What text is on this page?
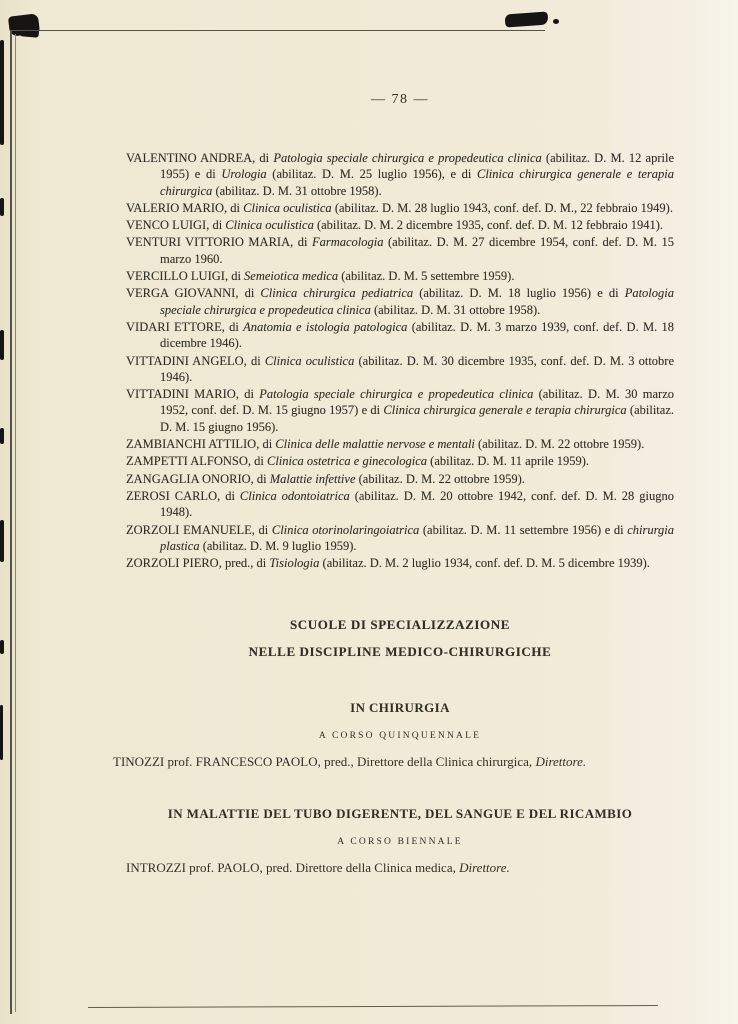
— 78 —

VALENTINO ANDREA, di Patologia speciale chirurgica e propedeutica clinica (abilitaz. D. M. 12 aprile 1955) e di Urologia (abilitaz. D. M. 25 luglio 1956), e di Clinica chirurgica generale e terapia chirurgica (abilitaz. D. M. 31 ottobre 1958).

VALERIO MARIO, di Clinica oculistica (abilitaz. D. M. 28 luglio 1943, conf. def. D. M., 22 febbraio 1949).

VENCO LUIGI, di Clinica oculistica (abilitaz. D. M. 2 dicembre 1935, conf. def. D. M. 12 febbraio 1941).

VENTURI VITTORIO MARIA, di Farmacologia (abilitaz. D. M. 27 dicembre 1954, conf. def. D. M. 15 marzo 1960.

VERCILLO LUIGI, di Semeiotica medica (abilitaz. D. M. 5 settembre 1959).

VERGA GIOVANNI, di Clinica chirurgica pediatrica (abilitaz. D. M. 18 luglio 1956) e di Patologia speciale chirurgica e propedeutica clinica (abilitaz. D. M. 31 ottobre 1958).

VIDARI ETTORE, di Anatomia e istologia patologica (abilitaz. D. M. 3 marzo 1939, conf. def. D. M. 18 dicembre 1946).

VITTADINI ANGELO, di Clinica oculistica (abilitaz. D. M. 30 dicembre 1935, conf. def. D. M. 3 ottobre 1946).

VITTADINI MARIO, di Patologia speciale chirurgica e propedeutica clinica (abilitaz. D. M. 30 marzo 1952, conf. def. D. M. 15 giugno 1957) e di Clinica chirurgica generale e terapia chirurgica (abilitaz. D. M. 15 giugno 1956).

ZAMBIANCHI ATTILIO, di Clinica delle malattie nervose e mentali (abilitaz. D. M. 22 ottobre 1959).

ZAMPETTI ALFONSO, di Clinica ostetrica e ginecologica (abilitaz. D. M. 11 aprile 1959).

ZANGAGLIA ONORIO, di Malattie infettive (abilitaz. D. M. 22 ottobre 1959).

ZEROSI CARLO, di Clinica odontoiatrica (abilitaz. D. M. 20 ottobre 1942, conf. def. D. M. 28 giugno 1948).

ZORZOLI EMANUELE, di Clinica otorinolaringoiatrica (abilitaz. D. M. 11 settembre 1956) e di chirurgia plastica (abilitaz. D. M. 9 luglio 1959).

ZORZOLI PIERO, pred., di Tisiologia (abilitaz. D. M. 2 luglio 1934, conf. def. D. M. 5 dicembre 1939).

SCUOLE DI SPECIALIZZAZIONE
NELLE DISCIPLINE MEDICO-CHIRURGICHE
IN CHIRURGIA
A CORSO QUINQUENNALE

TINOZZI prof. FRANCESCO PAOLO, pred., Direttore della Clinica chirurgica, Direttore.

IN MALATTIE DEL TUBO DIGERENTE, DEL SANGUE E DEL RICAMBIO
A CORSO BIENNALE

INTROZZI prof. PAOLO, pred. Direttore della Clinica medica, Direttore.
